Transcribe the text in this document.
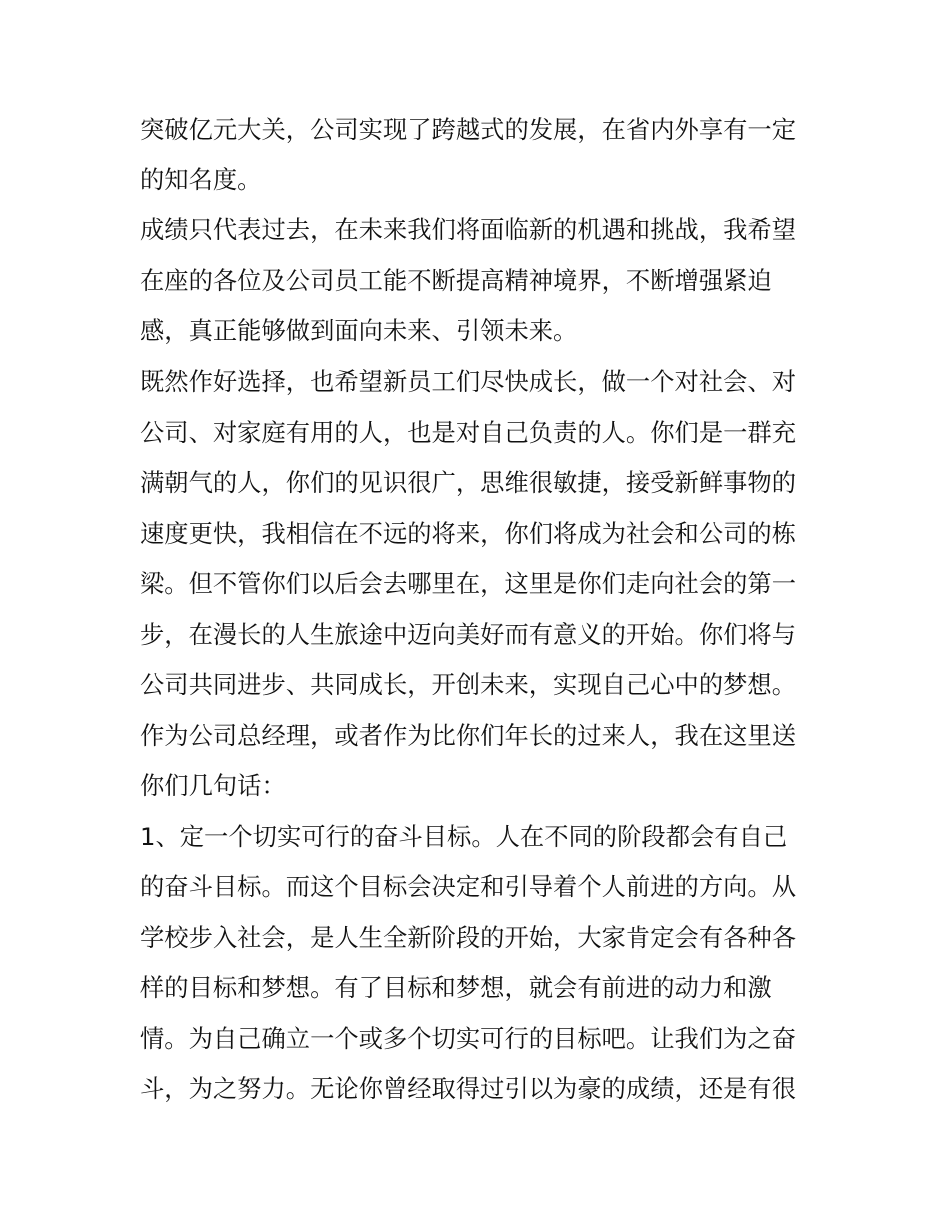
突破亿元大关，公司实现了跨越式的发展，在省内外享有一定
的知名度。
成绩只代表过去，在未来我们将面临新的机遇和挑战，我希望
在座的各位及公司员工能不断提高精神境界，不断增强紧迫
感，真正能够做到面向未来、引领未来。
既然作好选择，也希望新员工们尽快成长，做一个对社会、对
公司、对家庭有用的人，也是对自己负责的人。你们是一群充
满朝气的人，你们的见识很广，思维很敏捷，接受新鲜事物的
速度更快，我相信在不远的将来，你们将成为社会和公司的栋
梁。但不管你们以后会去哪里在，这里是你们走向社会的第一
步，在漫长的人生旅途中迈向美好而有意义的开始。你们将与
公司共同进步、共同成长，开创未来，实现自己心中的梦想。
作为公司总经理，或者作为比你们年长的过来人，我在这里送
你们几句话：
1、定一个切实可行的奋斗目标。人在不同的阶段都会有自己
的奋斗目标。而这个目标会决定和引导着个人前进的方向。从
学校步入社会，是人生全新阶段的开始，大家肯定会有各种各
样的目标和梦想。有了目标和梦想，就会有前进的动力和激
情。为自己确立一个或多个切实可行的目标吧。让我们为之奋
斗，为之努力。无论你曾经取得过引以为豪的成绩，还是有很
